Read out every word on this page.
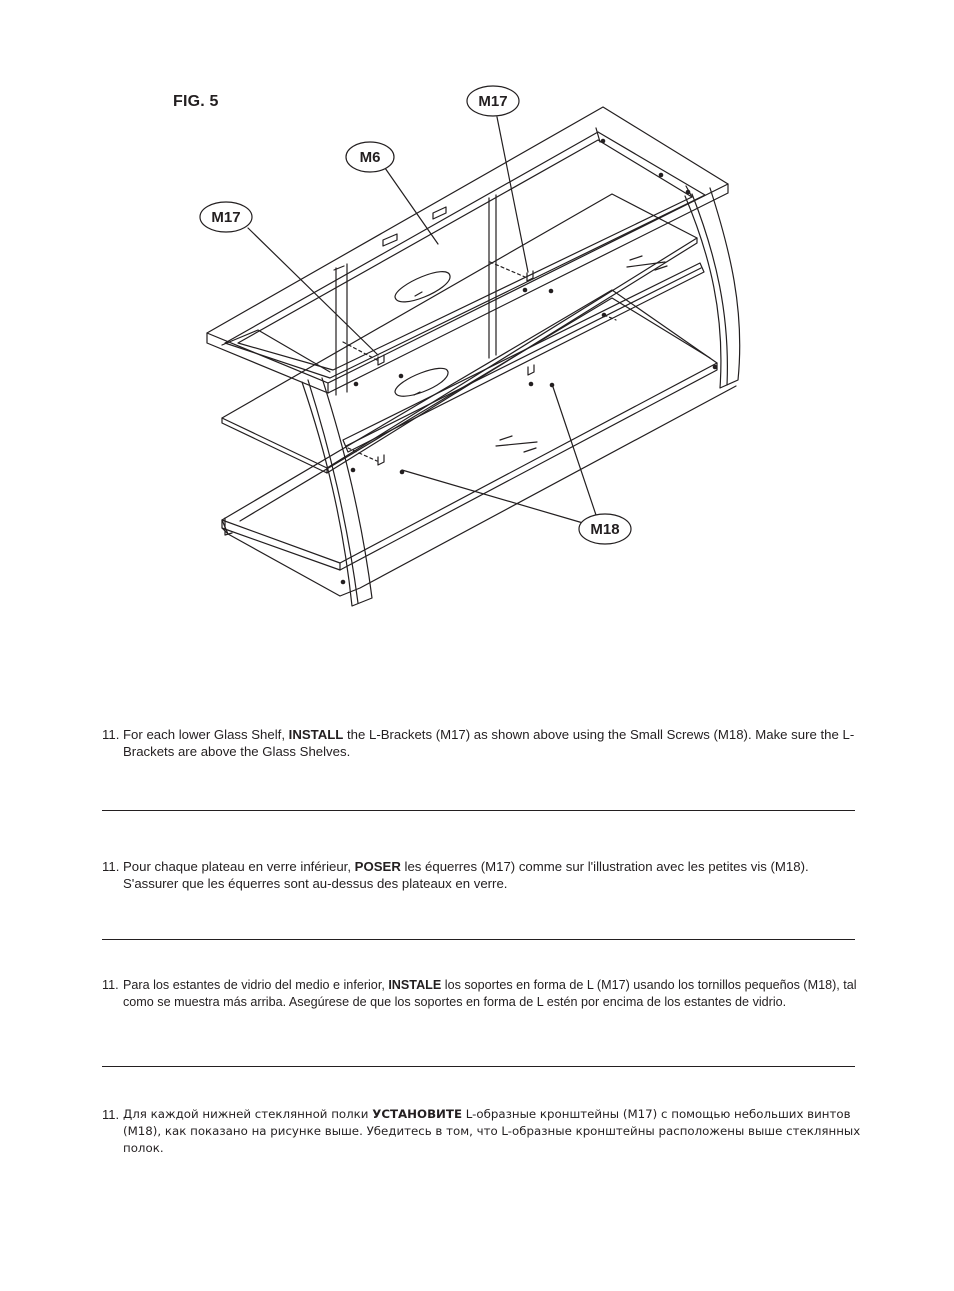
FIG. 5	M17
M6
M17
M18
11. For each lower Glass Shelf, INSTALL the L-Brackets (M17) as shown above using the Small Screws (M18). Make sure the L-Brackets are above the Glass Shelves.
11. Pour chaque plateau en verre inférieur, POSER les équerres (M17) comme sur l'illustration avec les petites vis (M18). S'assurer que les équerres sont au-dessus des plateaux en verre.
11. Para los estantes de vidrio del medio e inferior, INSTALE los soportes en forma de L (M17) usando los tornillos pequeños (M18), tal como se muestra más arriba. Asegúrese de que los soportes en forma de L estén por encima de los estantes de vidrio.
11. Для каждой нижней стеклянной полки УСТАНОВИТЕ L-образные кронштейны (M17) с помощью небольших винтов (M18), как показано на рисунке выше. Убедитесь в том, что L-образные кронштейны расположены выше стеклянных полок.
